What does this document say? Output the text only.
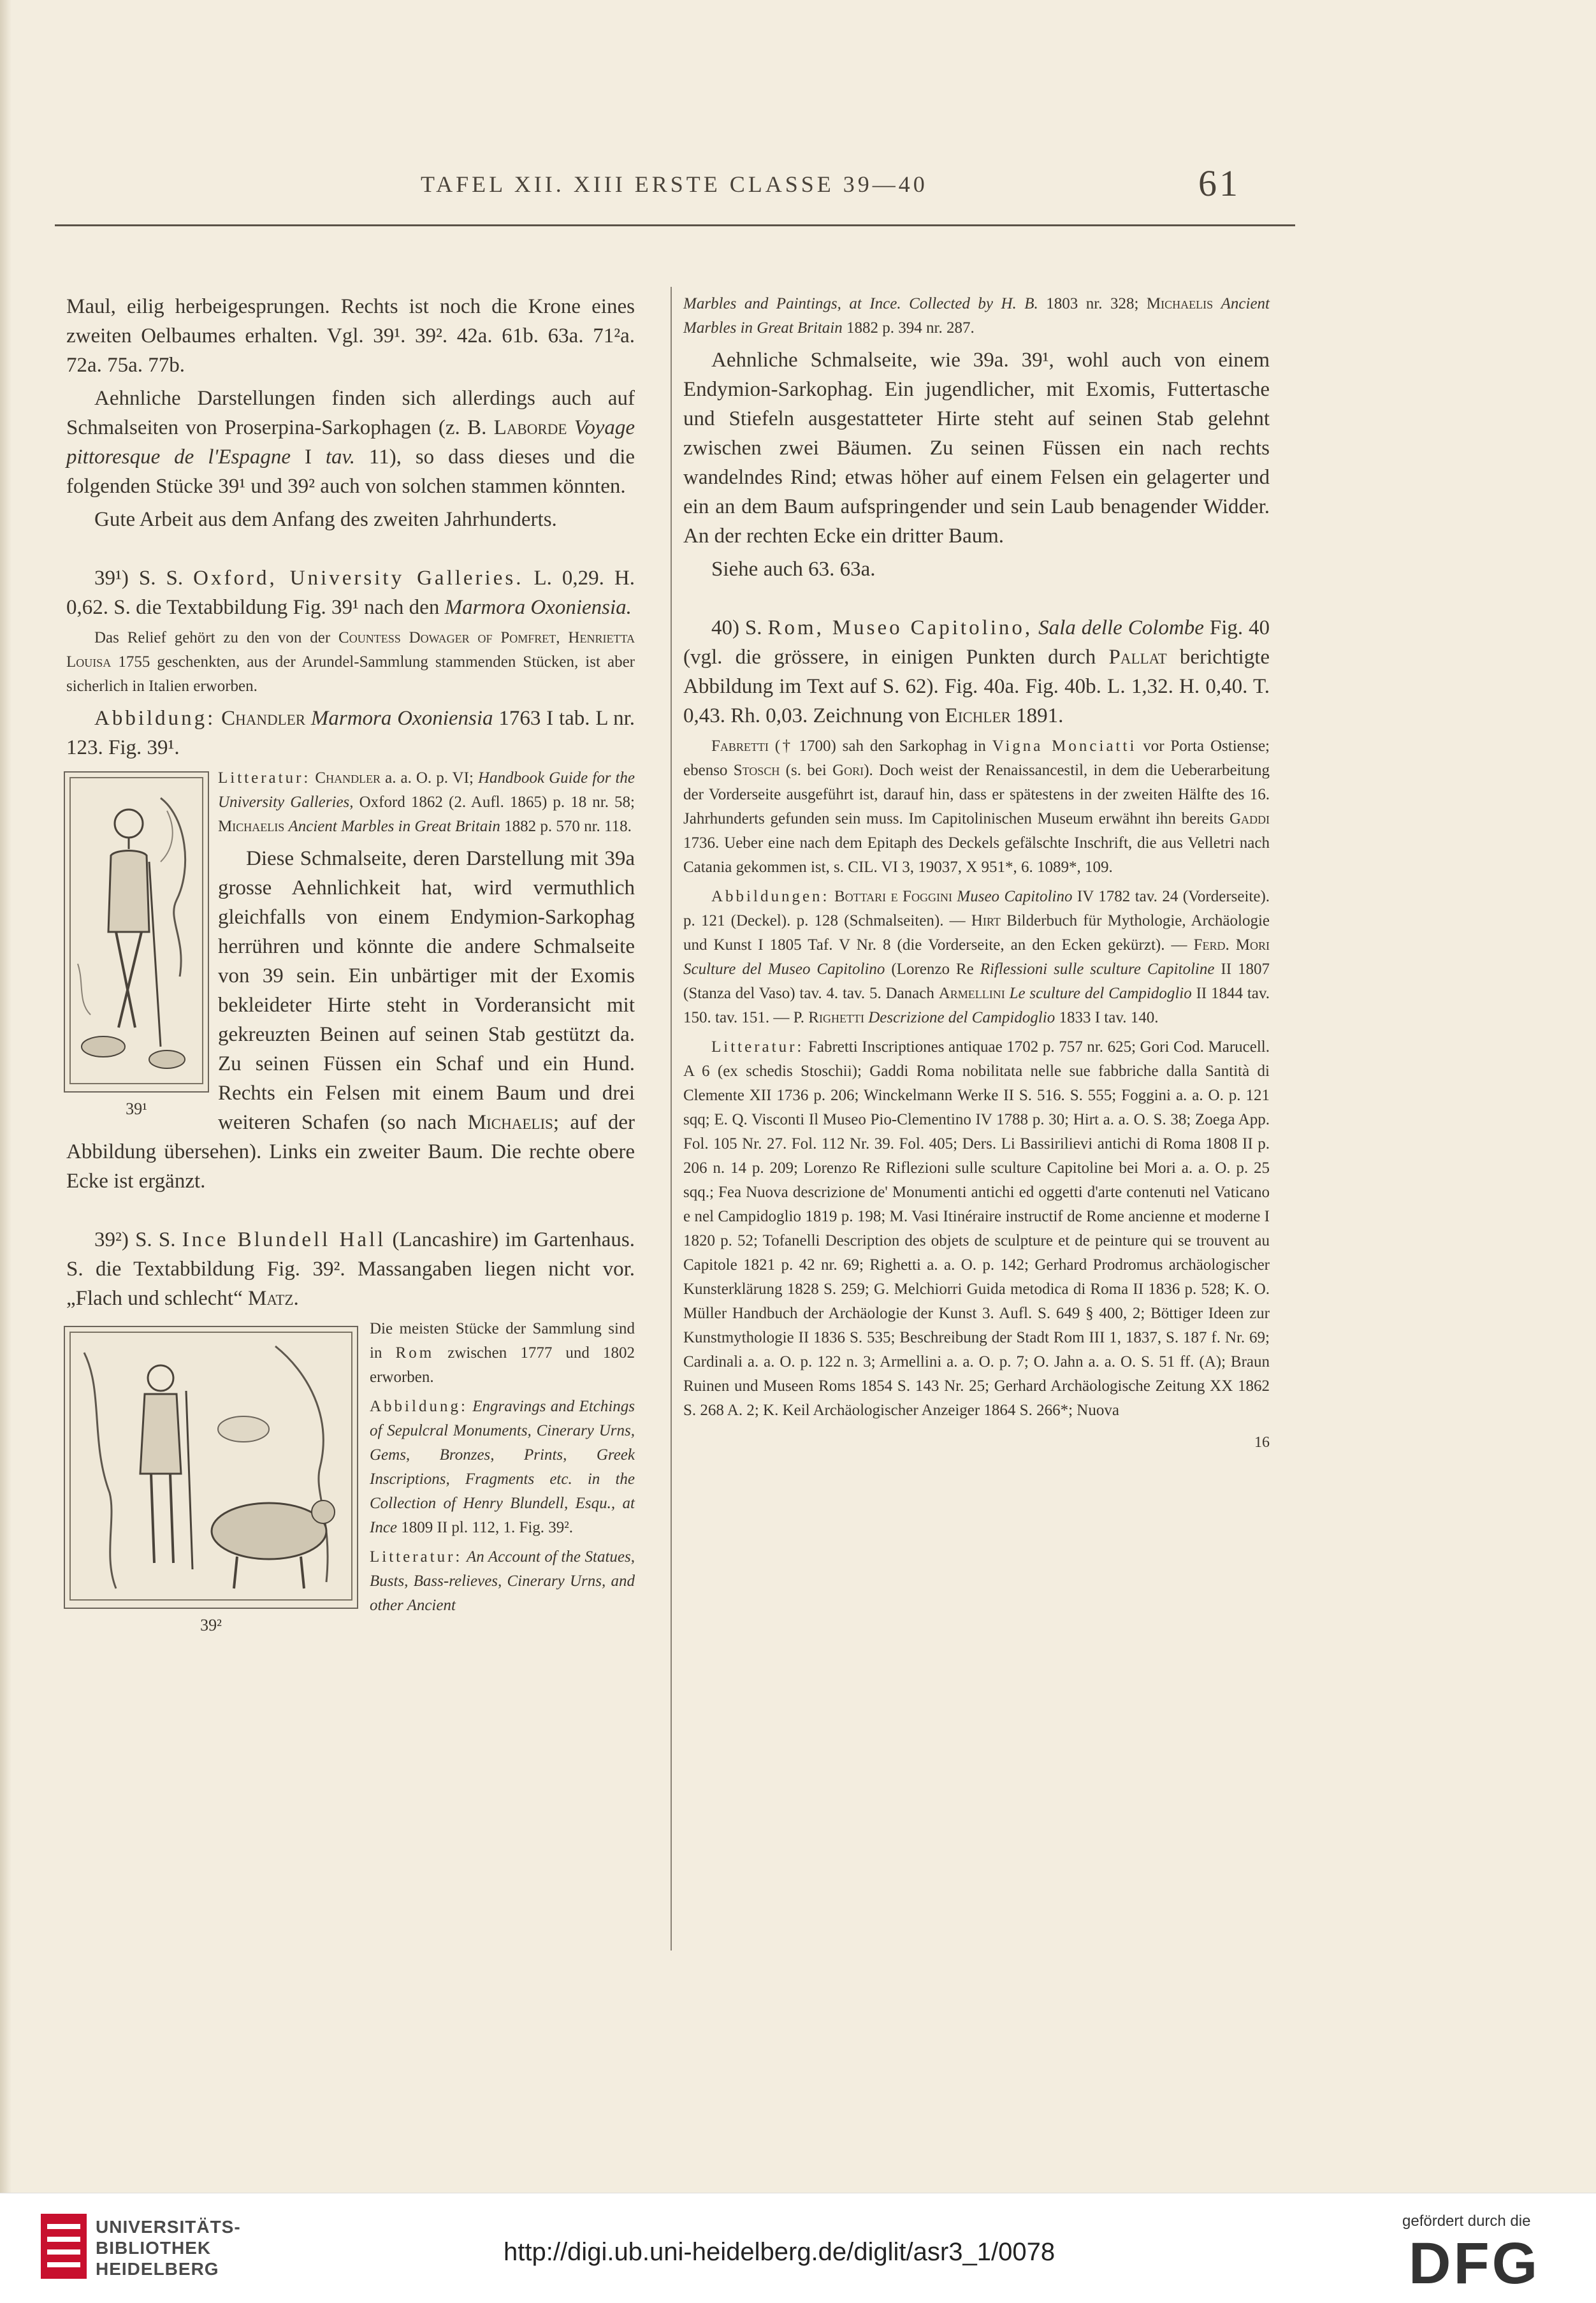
TAFEL XII. XIII ERSTE CLASSE 39—40	61

Maul, eilig herbeigesprungen. Rechts ist noch die Krone eines zweiten Oelbaumes erhalten. Vgl. 39¹. 39². 42a. 61b. 63a. 71²a. 72a. 75a. 77b.

Aehnliche Darstellungen finden sich allerdings auch auf Schmalseiten von Proserpina-Sarkophagen (z. B. Laborde Voyage pittoresque de l'Espagne I tav. 11), so dass dieses und die folgenden Stücke 39¹ und 39² auch von solchen stammen könnten.

Gute Arbeit aus dem Anfang des zweiten Jahrhunderts.

39¹) S. S. Oxford, University Galleries. L. 0,29. H. 0,62. S. die Textabbildung Fig. 39¹ nach den Marmora Oxoniensia.

Das Relief gehört zu den von der Countess Dowager of Pomfret, Henrietta Louisa 1755 geschenkten, aus der Arundel-Sammlung stammenden Stücken, ist aber sicherlich in Italien erworben.

Abbildung: Chandler Marmora Oxoniensia 1763 I tab. L nr. 123. Fig. 39¹.

39¹

Litteratur: Chandler a. a. O. p. VI; Handbook Guide for the University Galleries, Oxford 1862 (2. Aufl. 1865) p. 18 nr. 58; Michaelis Ancient Marbles in Great Britain 1882 p. 570 nr. 118.

Diese Schmalseite, deren Darstellung mit 39a grosse Aehnlichkeit hat, wird vermuthlich gleichfalls von einem Endymion-Sarkophag herrühren und könnte die andere Schmalseite von 39 sein. Ein unbärtiger mit der Exomis bekleideter Hirte steht in Vorderansicht mit gekreuzten Beinen auf seinen Stab gestützt da. Zu seinen Füssen ein Schaf und ein Hund. Rechts ein Felsen mit einem Baum und drei weiteren Schafen (so nach Michaelis; auf der Abbildung übersehen). Links ein zweiter Baum. Die rechte obere Ecke ist ergänzt.

39²) S. S. Ince Blundell Hall (Lancashire) im Gartenhaus. S. die Textabbildung Fig. 39². Massangaben liegen nicht vor. „Flach und schlecht“ Matz.

39²

Die meisten Stücke der Sammlung sind in Rom zwischen 1777 und 1802 erworben.

Abbildung: Engravings and Etchings of Sepulcral Monuments, Cinerary Urns, Gems, Bronzes, Prints, Greek Inscriptions, Fragments etc. in the Collection of Henry Blundell, Esqu., at Ince 1809 II pl. 112, 1. Fig. 39².

Litteratur: An Account of the Statues, Busts, Bass-relieves, Cinerary Urns, and other Ancient

Marbles and Paintings, at Ince. Collected by H. B. 1803 nr. 328; Michaelis Ancient Marbles in Great Britain 1882 p. 394 nr. 287.

Aehnliche Schmalseite, wie 39a. 39¹, wohl auch von einem Endymion-Sarkophag. Ein jugendlicher, mit Exomis, Futtertasche und Stiefeln ausgestatteter Hirte steht auf seinen Stab gelehnt zwischen zwei Bäumen. Zu seinen Füssen ein nach rechts wandelndes Rind; etwas höher auf einem Felsen ein gelagerter und ein an dem Baum aufspringender und sein Laub benagender Widder. An der rechten Ecke ein dritter Baum.

Siehe auch 63. 63a.

40) S. Rom, Museo Capitolino, Sala delle Colombe Fig. 40 (vgl. die grössere, in einigen Punkten durch Pallat berichtigte Abbildung im Text auf S. 62). Fig. 40a. Fig. 40b. L. 1,32. H. 0,40. T. 0,43. Rh. 0,03. Zeichnung von Eichler 1891.

Fabretti († 1700) sah den Sarkophag in Vigna Monciatti vor Porta Ostiense; ebenso Stosch (s. bei Gori). Doch weist der Renaissancestil, in dem die Ueberarbeitung der Vorderseite ausgeführt ist, darauf hin, dass er spätestens in der zweiten Hälfte des 16. Jahrhunderts gefunden sein muss. Im Capitolinischen Museum erwähnt ihn bereits Gaddi 1736. Ueber eine nach dem Epitaph des Deckels gefälschte Inschrift, die aus Velletri nach Catania gekommen ist, s. CIL. VI 3, 19037, X 951*, 6. 1089*, 109.

Abbildungen: Bottari e Foggini Museo Capitolino IV 1782 tav. 24 (Vorderseite). p. 121 (Deckel). p. 128 (Schmalseiten). — Hirt Bilderbuch für Mythologie, Archäologie und Kunst I 1805 Taf. V Nr. 8 (die Vorderseite, an den Ecken gekürzt). — Ferd. Mori Sculture del Museo Capitolino (Lorenzo Re Riflessioni sulle sculture Capitoline II 1807 (Stanza del Vaso) tav. 4. tav. 5. Danach Armellini Le sculture del Campidoglio II 1844 tav. 150. tav. 151. — P. Righetti Descrizione del Campidoglio 1833 I tav. 140.

Litteratur: Fabretti Inscriptiones antiquae 1702 p. 757 nr. 625; Gori Cod. Marucell. A 6 (ex schedis Stoschii); Gaddi Roma nobilitata nelle sue fabbriche dalla Santità di Clemente XII 1736 p. 206; Winckelmann Werke II S. 516. S. 555; Foggini a. a. O. p. 121 sqq; E. Q. Visconti Il Museo Pio-Clementino IV 1788 p. 30; Hirt a. a. O. S. 38; Zoega App. Fol. 105 Nr. 27. Fol. 112 Nr. 39. Fol. 405; Ders. Li Bassirilievi antichi di Roma 1808 II p. 206 n. 14 p. 209; Lorenzo Re Riflezioni sulle sculture Capitoline bei Mori a. a. O. p. 25 sqq.; Fea Nuova descrizione de' Monumenti antichi ed oggetti d'arte contenuti nel Vaticano e nel Campidoglio 1819 p. 198; M. Vasi Itinéraire instructif de Rome ancienne et moderne I 1820 p. 52; Tofanelli Description des objets de sculpture et de peinture qui se trouvent au Capitole 1821 p. 42 nr. 69; Righetti a. a. O. p. 142; Gerhard Prodromus archäologischer Kunsterklärung 1828 S. 259; G. Melchiorri Guida metodica di Roma II 1836 p. 528; K. O. Müller Handbuch der Archäologie der Kunst 3. Aufl. S. 649 § 400, 2; Böttiger Ideen zur Kunstmythologie II 1836 S. 535; Beschreibung der Stadt Rom III 1, 1837, S. 187 f. Nr. 69; Cardinali a. a. O. p. 122 n. 3; Armellini a. a. O. p. 7; O. Jahn a. a. O. S. 51 ff. (A); Braun Ruinen und Museen Roms 1854 S. 143 Nr. 25; Gerhard Archäologische Zeitung XX 1862 S. 268 A. 2; K. Keil Archäologischer Anzeiger 1864 S. 266*; Nuova

16
UNIVERSITÄTS-
BIBLIOTHEK
HEIDELBERG
http://digi.ub.uni-heidelberg.de/diglit/asr3_1/0078
gefördert durch die
DFG
